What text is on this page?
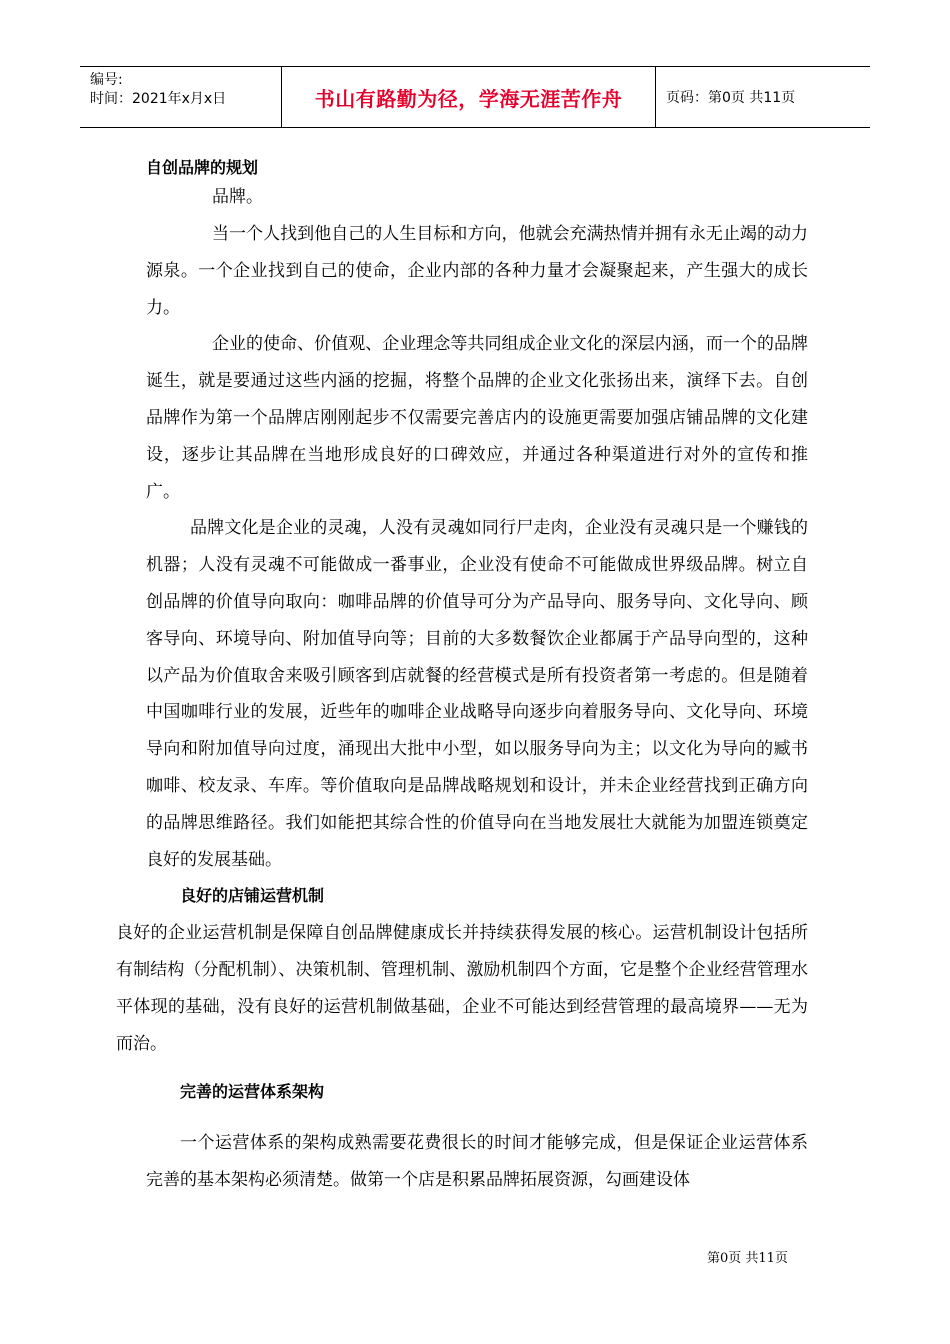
编号:
时间：2021年x月x日	书山有路勤为径，学海无涯苦作舟	页码：第0页 共11页

自创品牌的规划

品牌。

当一个人找到他自己的人生目标和方向，他就会充满热情并拥有永无止竭的动力源泉。一个企业找到自己的使命，企业内部的各种力量才会凝聚起来，产生强大的成长力。

企业的使命、价值观、企业理念等共同组成企业文化的深层内涵，而一个的品牌诞生，就是要通过这些内涵的挖掘，将整个品牌的企业文化张扬出来，演绎下去。自创品牌作为第一个品牌店刚刚起步不仅需要完善店内的设施更需要加强店铺品牌的文化建设，逐步让其品牌在当地形成良好的口碑效应，并通过各种渠道进行对外的宣传和推广。

品牌文化是企业的灵魂，人没有灵魂如同行尸走肉，企业没有灵魂只是一个赚钱的机器；人没有灵魂不可能做成一番事业，企业没有使命不可能做成世界级品牌。树立自创品牌的价值导向取向：咖啡品牌的价值导可分为产品导向、服务导向、文化导向、顾客导向、环境导向、附加值导向等；目前的大多数餐饮企业都属于产品导向型的，这种以产品为价值取舍来吸引顾客到店就餐的经营模式是所有投资者第一考虑的。但是随着中国咖啡行业的发展，近些年的咖啡企业战略导向逐步向着服务导向、文化导向、环境导向和附加值导向过度，涌现出大批中小型，如以服务导向为主；以文化为导向的臧书咖啡、校友录、车库。等价值取向是品牌战略规划和设计，并未企业经营找到正确方向的品牌思维路径。我们如能把其综合性的价值导向在当地发展壮大就能为加盟连锁奠定良好的发展基础。

良好的店铺运营机制

良好的企业运营机制是保障自创品牌健康成长并持续获得发展的核心。运营机制设计包括所有制结构（分配机制）、决策机制、管理机制、激励机制四个方面，它是整个企业经营管理水平体现的基础，没有良好的运营机制做基础，企业不可能达到经营管理的最高境界——无为而治。

完善的运营体系架构

一个运营体系的架构成熟需要花费很长的时间才能够完成，但是保证企业运营体系完善的基本架构必须清楚。做第一个店是积累品牌拓展资源，勾画建设体

第0页 共11页
